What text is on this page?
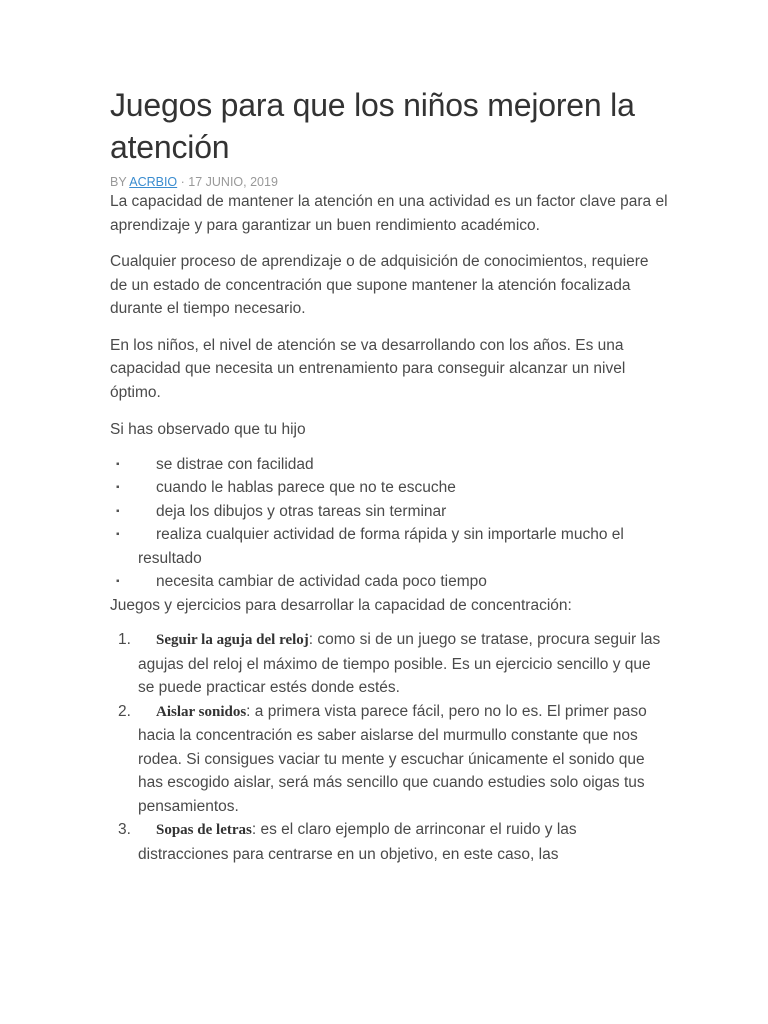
Juegos para que los niños mejoren la atención
BY ACRBIO · 17 JUNIO, 2019

La capacidad de mantener la atención en una actividad es un factor clave para el aprendizaje y para garantizar un buen rendimiento académico.

Cualquier proceso de aprendizaje o de adquisición de conocimientos, requiere de un estado de concentración que supone mantener la atención focalizada durante el tiempo necesario.

En los niños, el nivel de atención se va desarrollando con los años. Es una capacidad que necesita un entrenamiento para conseguir alcanzar un nivel óptimo.

Si has observado que tu hijo

▪ se distrae con facilidad
▪ cuando le hablas parece que no te escuche
▪ deja los dibujos y otras tareas sin terminar
▪ realiza cualquier actividad de forma rápida y sin importarle mucho el resultado
▪ necesita cambiar de actividad cada poco tiempo

Juegos y ejercicios para desarrollar la capacidad de concentración:

1. Seguir la aguja del reloj: como si de un juego se tratase, procura seguir las agujas del reloj el máximo de tiempo posible. Es un ejercicio sencillo y que se puede practicar estés donde estés.
2. Aislar sonidos: a primera vista parece fácil, pero no lo es. El primer paso hacia la concentración es saber aislarse del murmullo constante que nos rodea. Si consigues vaciar tu mente y escuchar únicamente el sonido que has escogido aislar, será más sencillo que cuando estudies solo oigas tus pensamientos.
3. Sopas de letras: es el claro ejemplo de arrinconar el ruido y las distracciones para centrarse en un objetivo, en este caso, las
